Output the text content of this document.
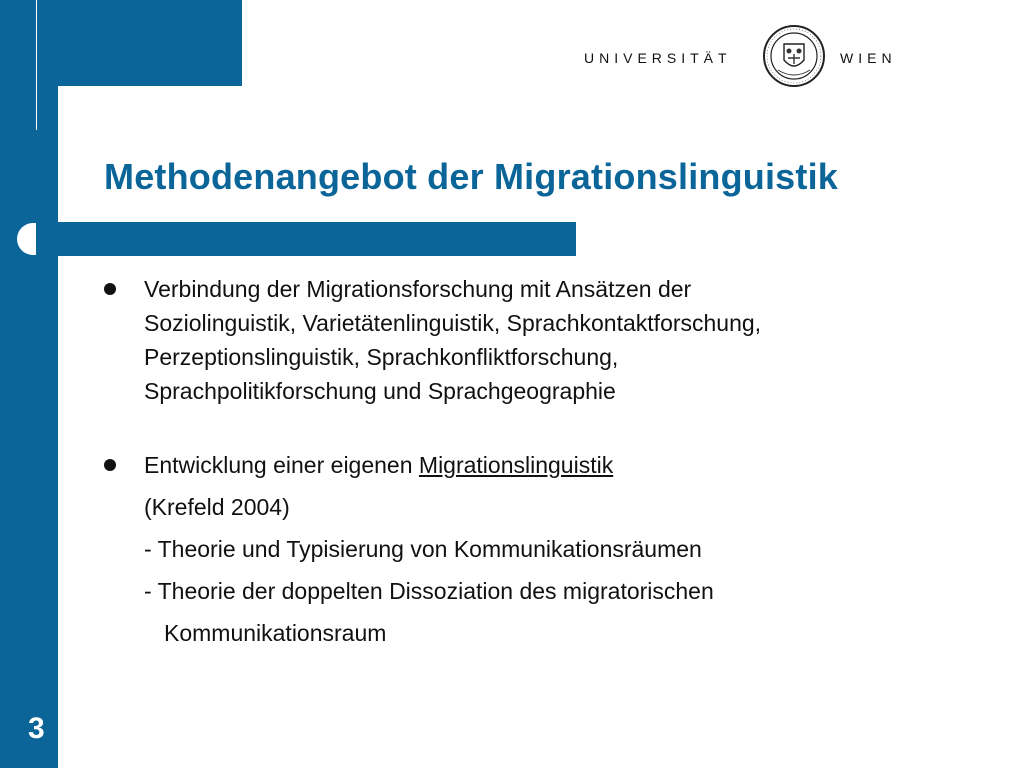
UNIVERSITÄT	WIEN
Methodenangebot der Migrationslinguistik
Verbindung der Migrationsforschung mit Ansätzen der
Soziolinguistik, Varietätenlinguistik, Sprachkontaktforschung,
Perzeptionslinguistik, Sprachkonfliktforschung,
Sprachpolitikforschung und Sprachgeographie
Entwicklung einer eigenen Migrationslinguistik
(Krefeld 2004)
- Theorie und Typisierung von Kommunikationsräumen
- Theorie der doppelten Dissoziation des migratorischen
Kommunikationsraum
3
